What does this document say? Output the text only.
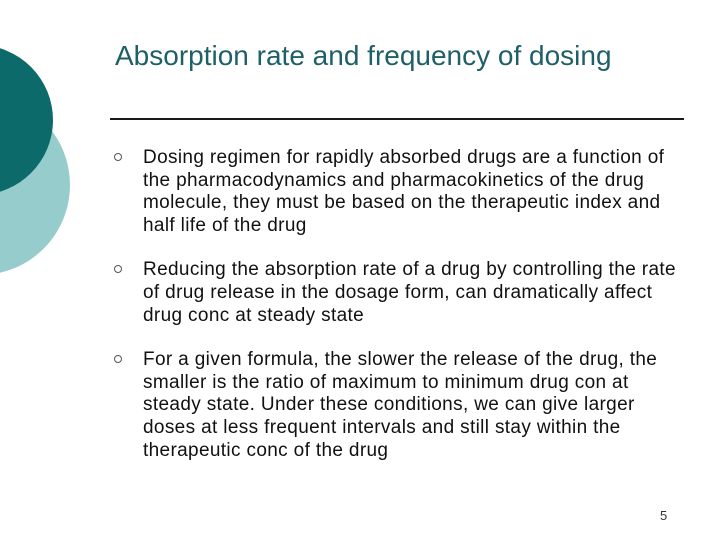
Absorption rate and frequency of dosing
Dosing regimen for rapidly absorbed drugs are a function of the pharmacodynamics and pharmacokinetics of the drug molecule, they must be based on the therapeutic index and half life of the drug
Reducing the absorption rate of a drug by controlling the rate of drug release in the dosage form, can dramatically affect drug conc at steady state
For a given formula, the slower the release of the drug, the smaller is the ratio of maximum to minimum drug con at steady state. Under these conditions, we can give larger doses at less frequent intervals and still stay within the therapeutic conc of the drug
5
